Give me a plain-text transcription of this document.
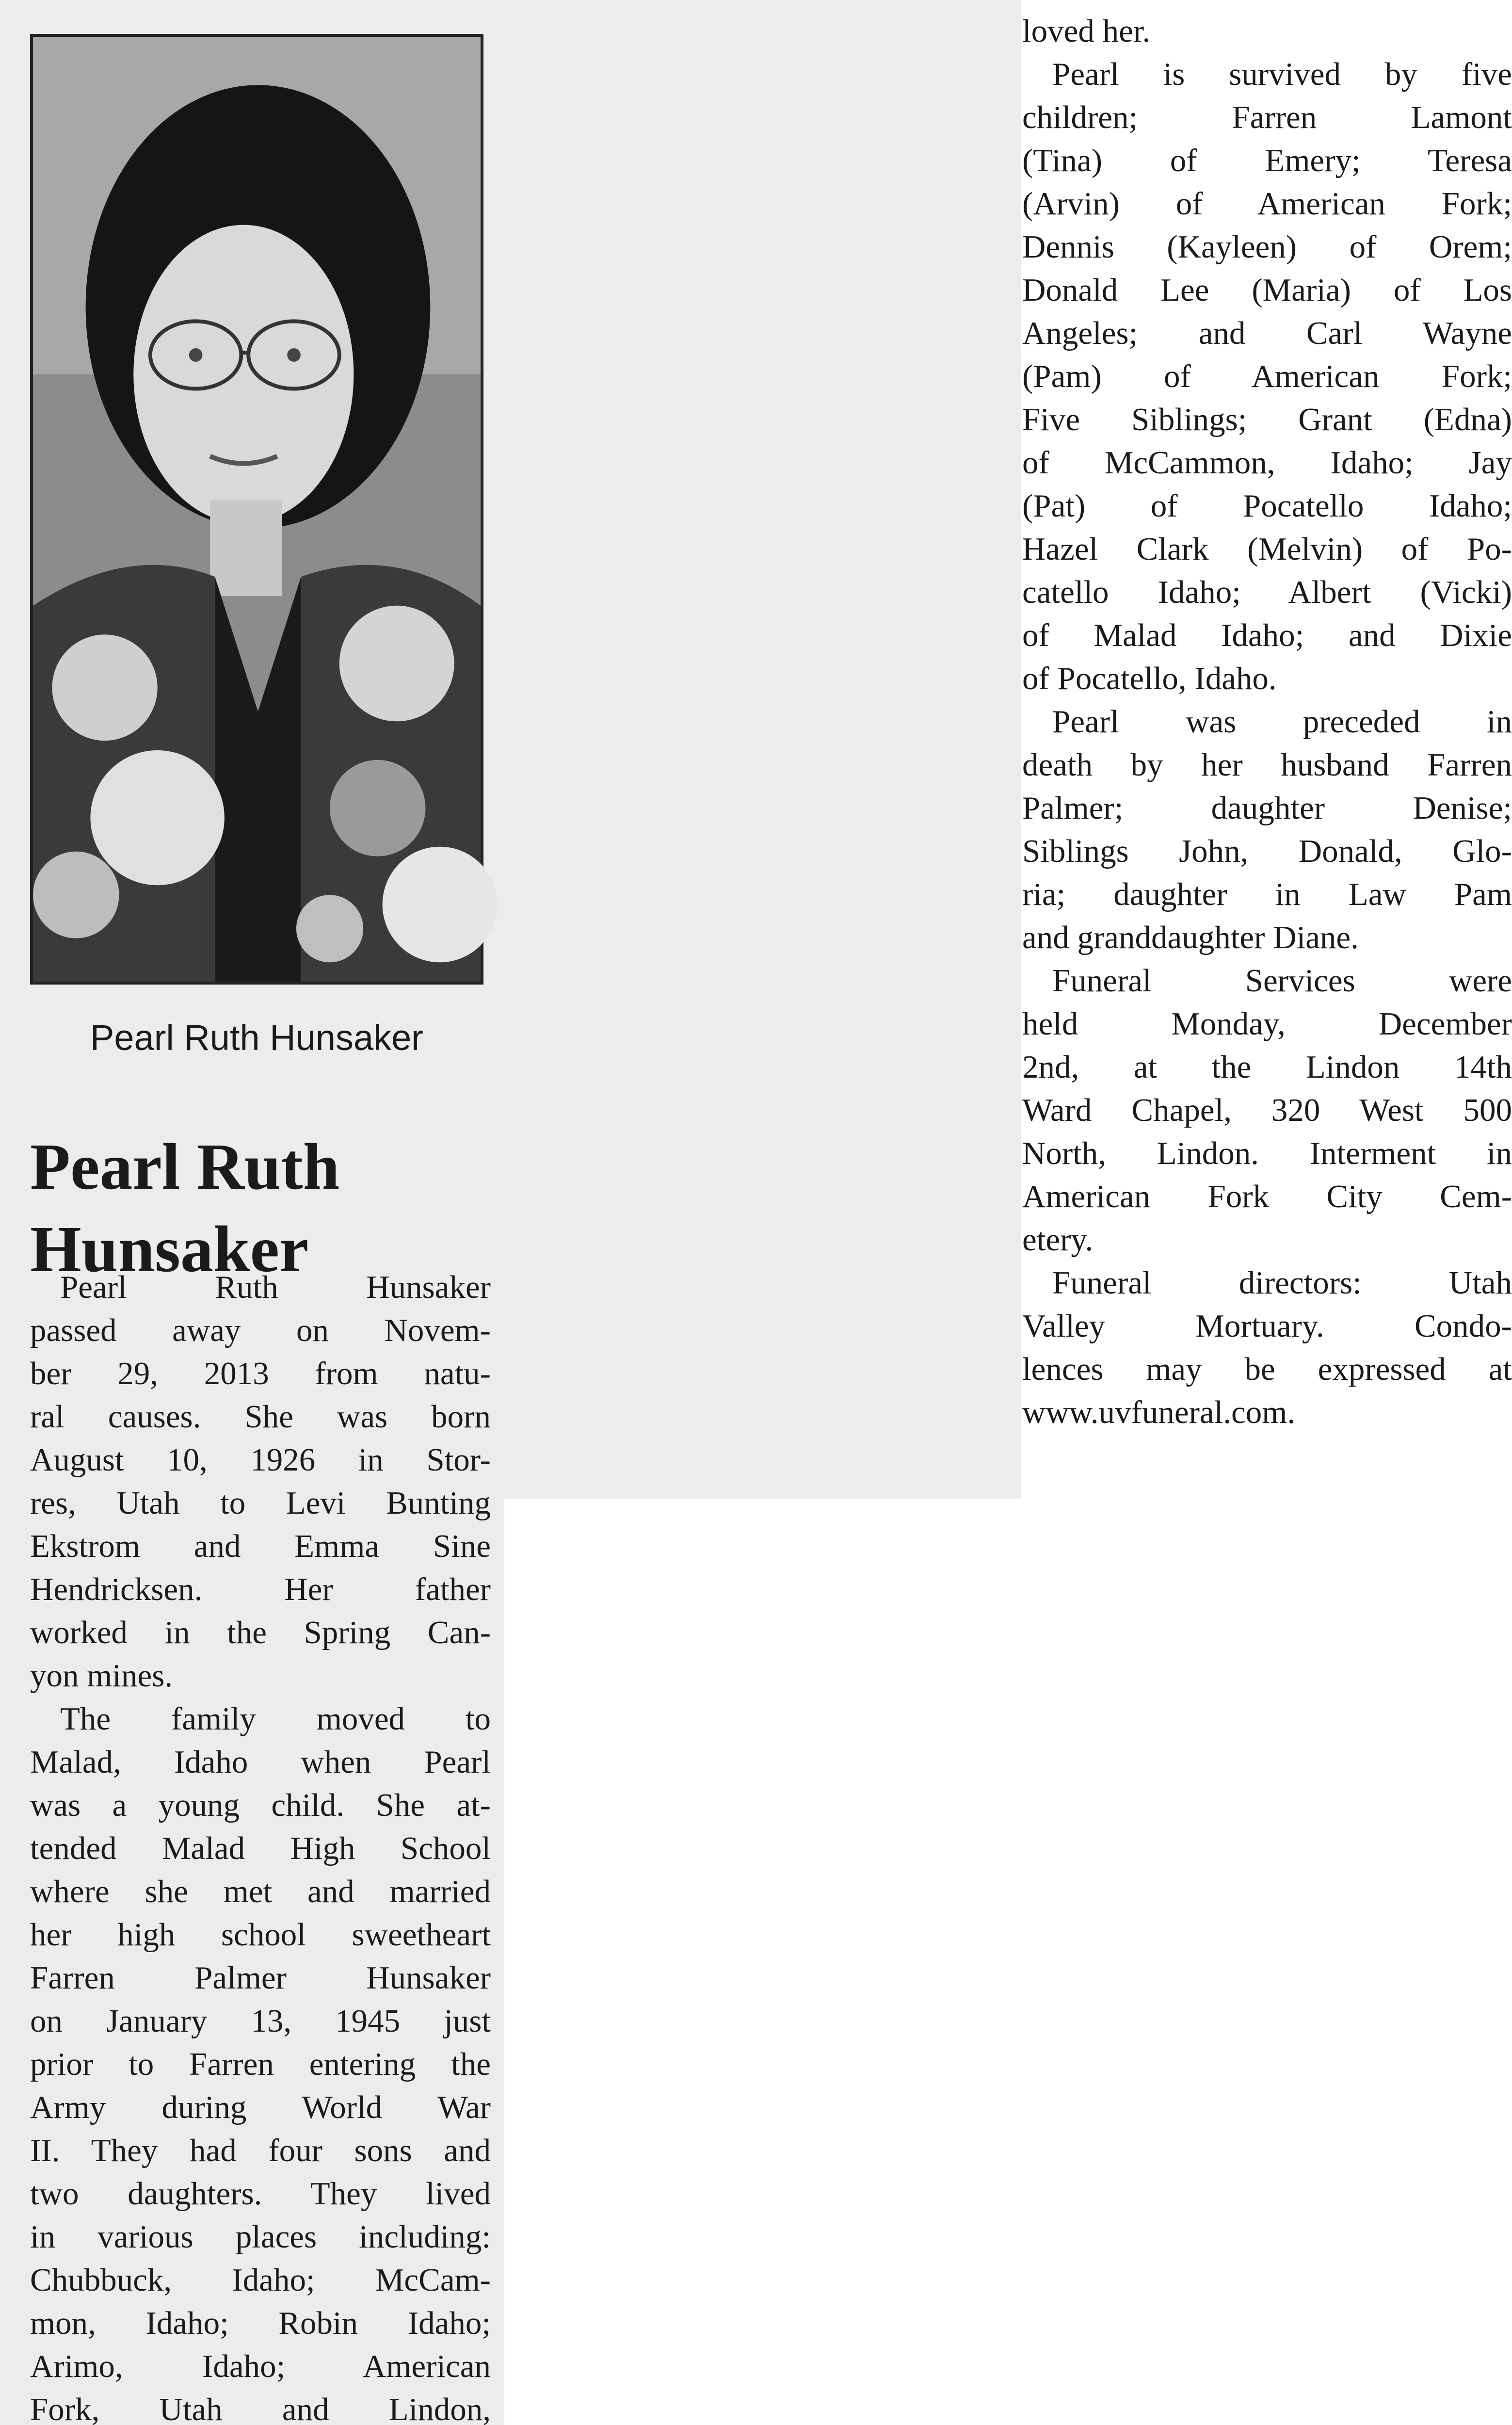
Pearl Ruth Hunsaker
Pearl Ruth
Hunsaker
Pearl Ruth Hunsaker
passed away on Novem-
ber 29, 2013 from natu-
ral causes. She was born
August 10, 1926 in Stor-
res, Utah to Levi Bunting
Ekstrom and Emma Sine
Hendricksen. Her father
worked in the Spring Can-
yon mines.
The family moved to
Malad, Idaho when Pearl
was a young child. She at-
tended Malad High School
where she met and married
her high school sweetheart
Farren Palmer Hunsaker
on January 13, 1945 just
prior to Farren entering the
Army during World War
II. They had four sons and
two daughters. They lived
in various places including:
Chubbuck, Idaho; McCam-
mon, Idaho; Robin Idaho;
Arimo, Idaho; American
Fork, Utah and Lindon,
loved her.
Pearl is survived by five
children; Farren Lamont
(Tina) of Emery; Teresa
(Arvin) of American Fork;
Dennis (Kayleen) of Orem;
Donald Lee (Maria) of Los
Angeles; and Carl Wayne
(Pam) of American Fork;
Five Siblings; Grant (Edna)
of McCammon, Idaho; Jay
(Pat) of Pocatello Idaho;
Hazel Clark (Melvin) of Po-
catello Idaho; Albert (Vicki)
of Malad Idaho; and Dixie
of Pocatello, Idaho.
Pearl was preceded in
death by her husband Farren
Palmer; daughter Denise;
Siblings John, Donald, Glo-
ria; daughter in Law Pam
and granddaughter Diane.
Funeral Services were
held Monday, December
2nd, at the Lindon 14th
Ward Chapel, 320 West 500
North, Lindon. Interment in
American Fork City Cem-
etery.
Funeral directors: Utah
Valley Mortuary. Condo-
lences may be expressed at
www.uvfuneral.com.
